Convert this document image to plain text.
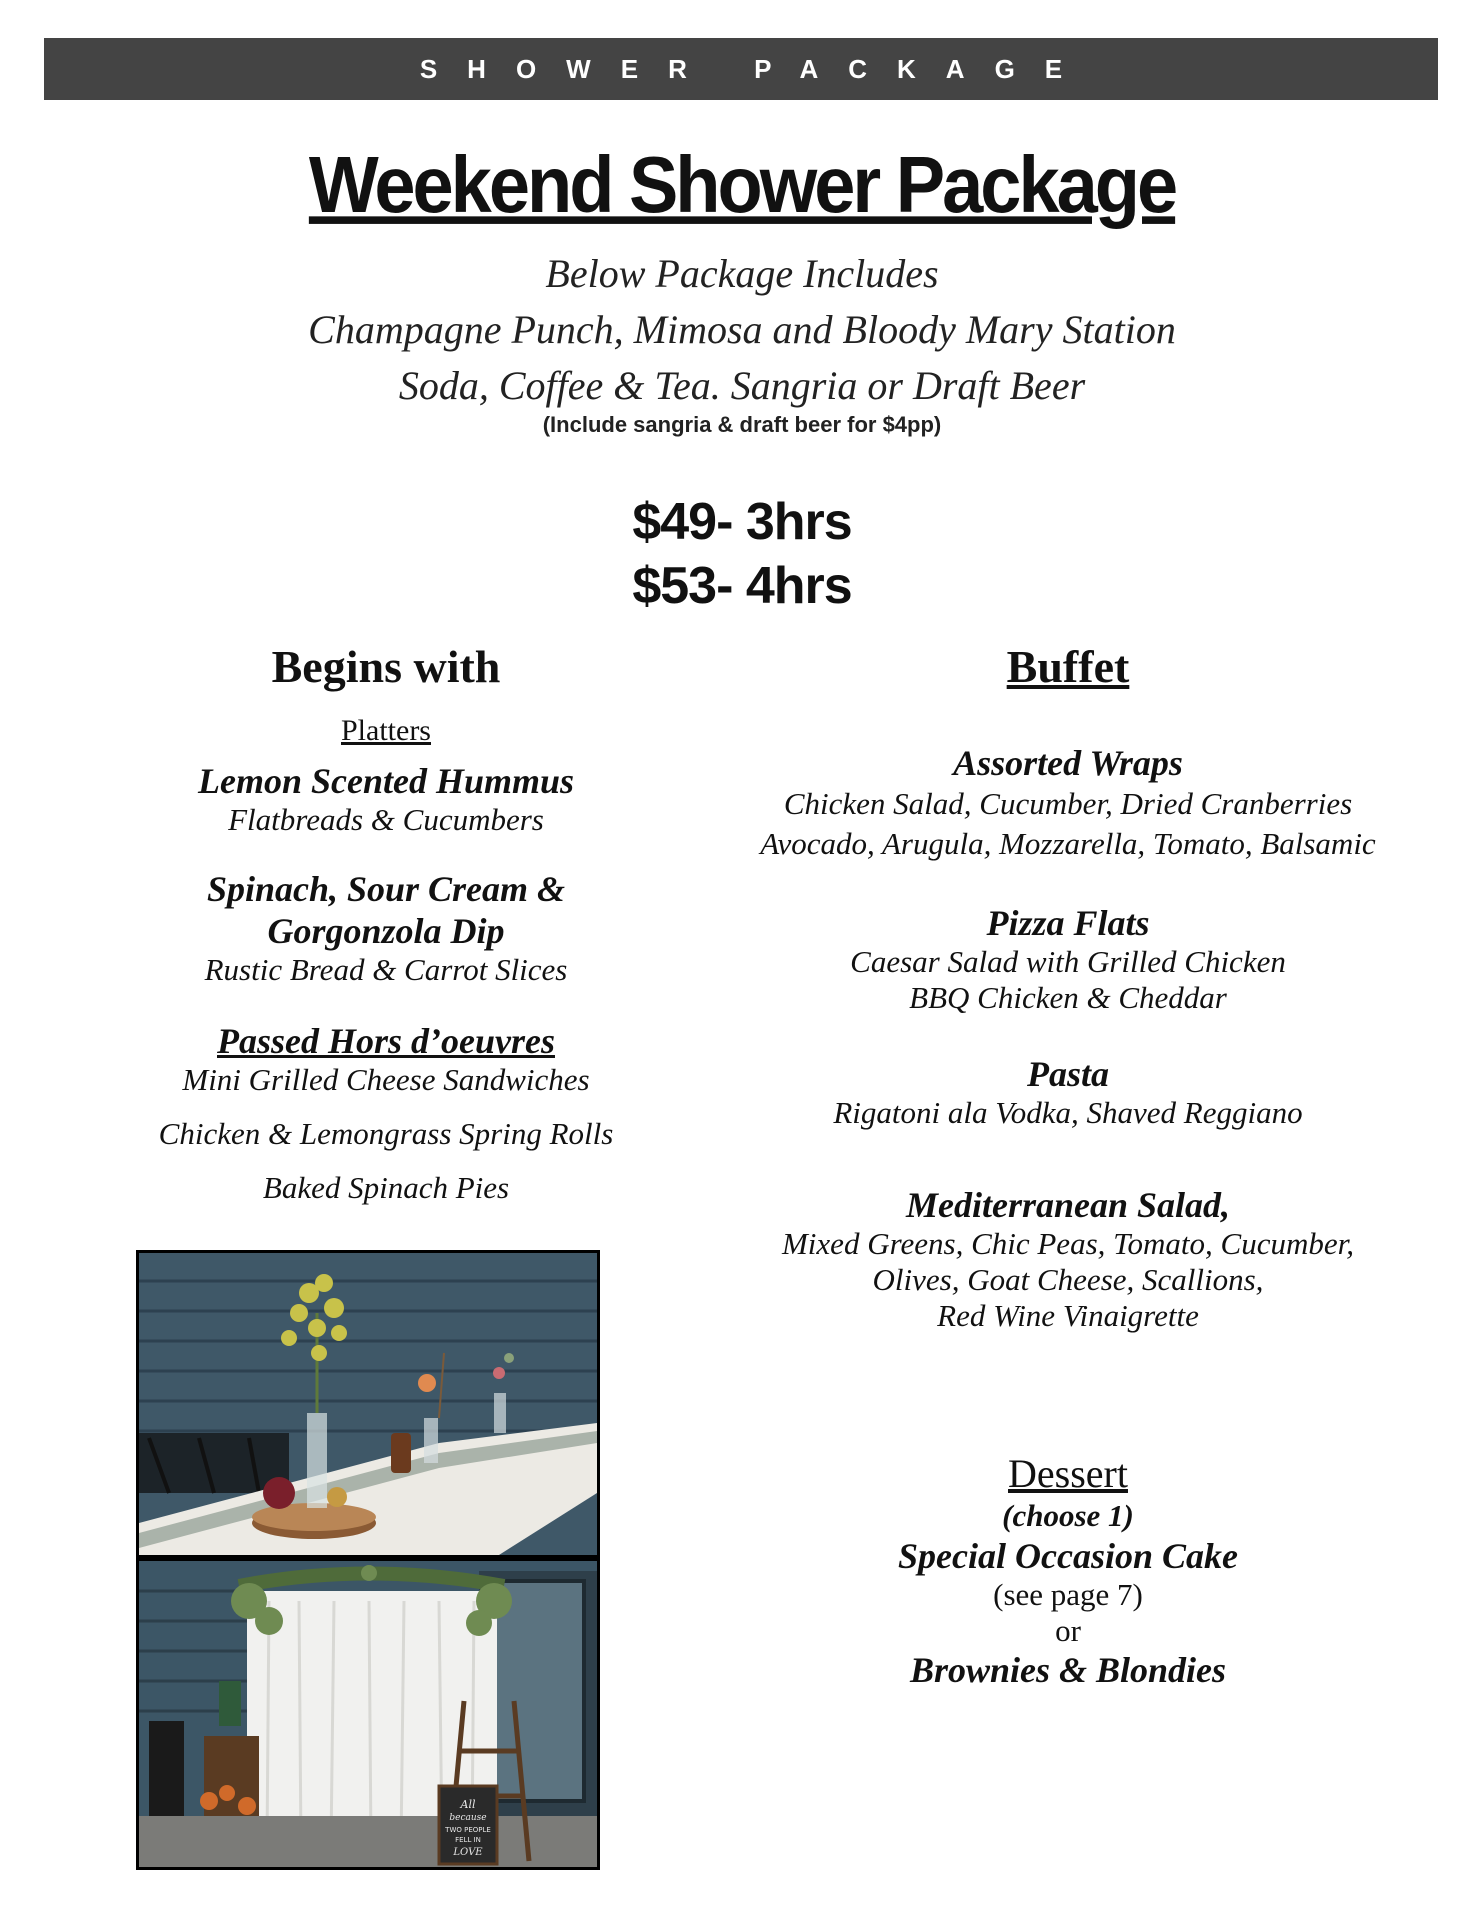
SHOWER PACKAGE
Weekend Shower Package
Below Package Includes
Champagne Punch, Mimosa and Bloody Mary Station
Soda, Coffee & Tea. Sangria or Draft Beer
(Include sangria & draft beer for $4pp)
$49- 3hrs
$53- 4hrs
Begins with
Platters
Lemon Scented Hummus
Flatbreads & Cucumbers
Spinach, Sour Cream &
Gorgonzola Dip
Rustic Bread & Carrot Slices
Passed Hors d’oeuvres
Mini Grilled Cheese Sandwiches
Chicken & Lemongrass Spring Rolls
Baked Spinach Pies
All
because
TWO PEOPLE
FELL IN
LOVE
Buffet
Assorted Wraps
Chicken Salad, Cucumber, Dried Cranberries
Avocado, Arugula, Mozzarella, Tomato, Balsamic
Pizza Flats
Caesar Salad with Grilled Chicken
BBQ Chicken & Cheddar
Pasta
Rigatoni ala Vodka, Shaved Reggiano
Mediterranean Salad,
Mixed Greens, Chic Peas, Tomato, Cucumber,
Olives, Goat Cheese, Scallions,
Red Wine Vinaigrette
Dessert
(choose 1)
Special Occasion Cake
(see page 7)
or
Brownies & Blondies
